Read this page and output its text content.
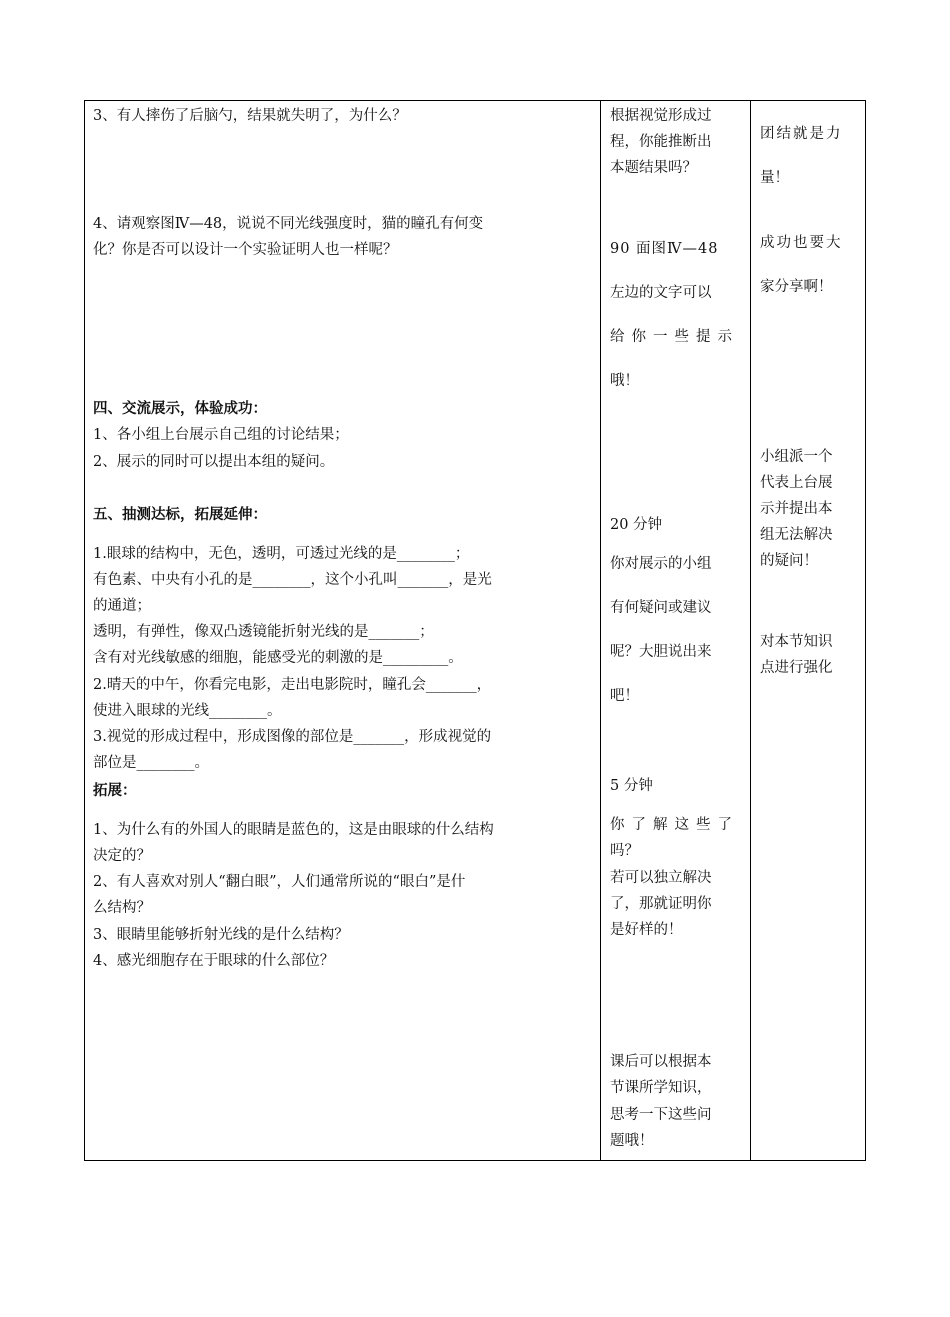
3、有人摔伤了后脑勺，结果就失明了，为什么？
4、请观察图Ⅳ—48，说说不同光线强度时，猫的瞳孔有何变
化？你是否可以设计一个实验证明人也一样呢？
四、交流展示，体验成功：
1、各小组上台展示自己组的讨论结果；
2、展示的同时可以提出本组的疑问。
五、抽测达标，拓展延伸：
1.眼球的结构中，无色，透明，可透过光线的是________；
有色素、中央有小孔的是________，这个小孔叫_______，是光
的通道；
透明，有弹性，像双凸透镜能折射光线的是_______；
含有对光线敏感的细胞，能感受光的刺激的是_________。
2.晴天的中午，你看完电影，走出电影院时，瞳孔会_______，
使进入眼球的光线________。
3.视觉的形成过程中，形成图像的部位是_______，形成视觉的
部位是________。
拓展：
1、为什么有的外国人的眼睛是蓝色的，这是由眼球的什么结构
决定的？
2、有人喜欢对别人“翻白眼”，人们通常所说的“眼白”是什
么结构？
3、眼睛里能够折射光线的是什么结构？
4、感光细胞存在于眼球的什么部位？
根据视觉形成过
程，你能推断出
本题结果吗？
90 面图Ⅳ—48
左边的文字可以
给你一些提示
哦！
20 分钟
你对展示的小组
有何疑问或建议
呢？大胆说出来
吧！
5 分钟
你了解这些了
吗？
若可以独立解决
了，那就证明你
是好样的！
课后可以根据本
节课所学知识，
思考一下这些问
题哦！
团结就是力
量！
成功也要大
家分享啊！
小组派一个
代表上台展
示并提出本
组无法解决
的疑问！
对本节知识
点进行强化
